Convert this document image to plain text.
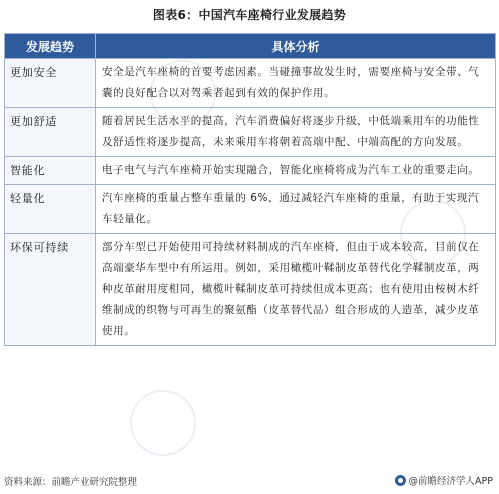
图表6：中国汽车座椅行业发展趋势
发展趋势	具体分析
更加安全	安全是汽车座椅的首要考虑因素。当碰撞事故发生时，需要座椅与安全带、气囊的良好配合以对驾乘者起到有效的保护作用。
更加舒适	随着居民生活水平的提高，汽车消费偏好将逐步升级，中低端乘用车的功能性及舒适性将逐步提高，未来乘用车将朝着高端中配、中端高配的方向发展。
智能化	电子电气与汽车座椅开始实现融合，智能化座椅将成为汽车工业的重要走向。
轻量化	汽车座椅的重量占整车重量的 6%，通过减轻汽车座椅的重量，有助于实现汽车轻量化。
环保可持续	部分车型已开始使用可持续材料制成的汽车座椅，但由于成本较高，目前仅在高端豪华车型中有所运用。例如，采用橄榄叶鞣制皮革替代化学鞣制皮革，两种皮革耐用度相同，橄榄叶鞣制皮革可持续但成本更高；也有使用由桉树木纤维制成的织物与可再生的聚氨酯（皮革替代品）组合形成的人造革，减少皮革使用。
资料来源：前瞻产业研究院整理	@前瞻经济学人APP
